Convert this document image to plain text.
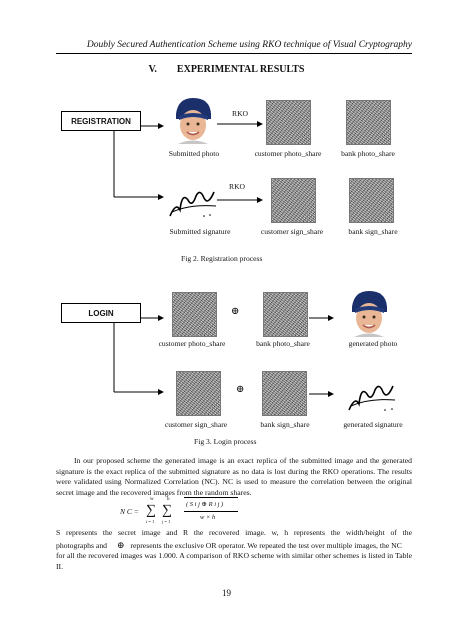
Doubly Secured Authentication Scheme using RKO technique of Visual Cryptography
V.        EXPERIMENTAL RESULTS
REGISTRATION
RKO
Submitted photo	customer photo_share	bank photo_share
RKO
Submitted signature	customer sign_share	bank sign_share
Fig 2. Registration process
LOGIN	⊕
customer photo_share	bank photo_share	generated photo
⊕
customer sign_share	bank sign_share	generated signature
Fig 3. Login process
In our proposed scheme the generated image is an exact replica of the submitted image and the generated signature is the exact replica of the submitted signature as no data is lost during the RKO operations. The results were validated using Normalized Correlation (NC). NC is used to measure the correlation between the original secret image and the recovered images from the random shares.
N C = ∑
w
i = 1
∑
h
j = 1
( S i j ⊕ R i j )
w × h
S represents the secret image and R the recovered image. w, h represents the width/height of the
photographs and ⊕ represents the exclusive OR operator. We repeated the test over multiple images, the NC
for all the recovered images was 1.000. A comparison of RKO scheme with similar other schemes is listed in Table II.
19
